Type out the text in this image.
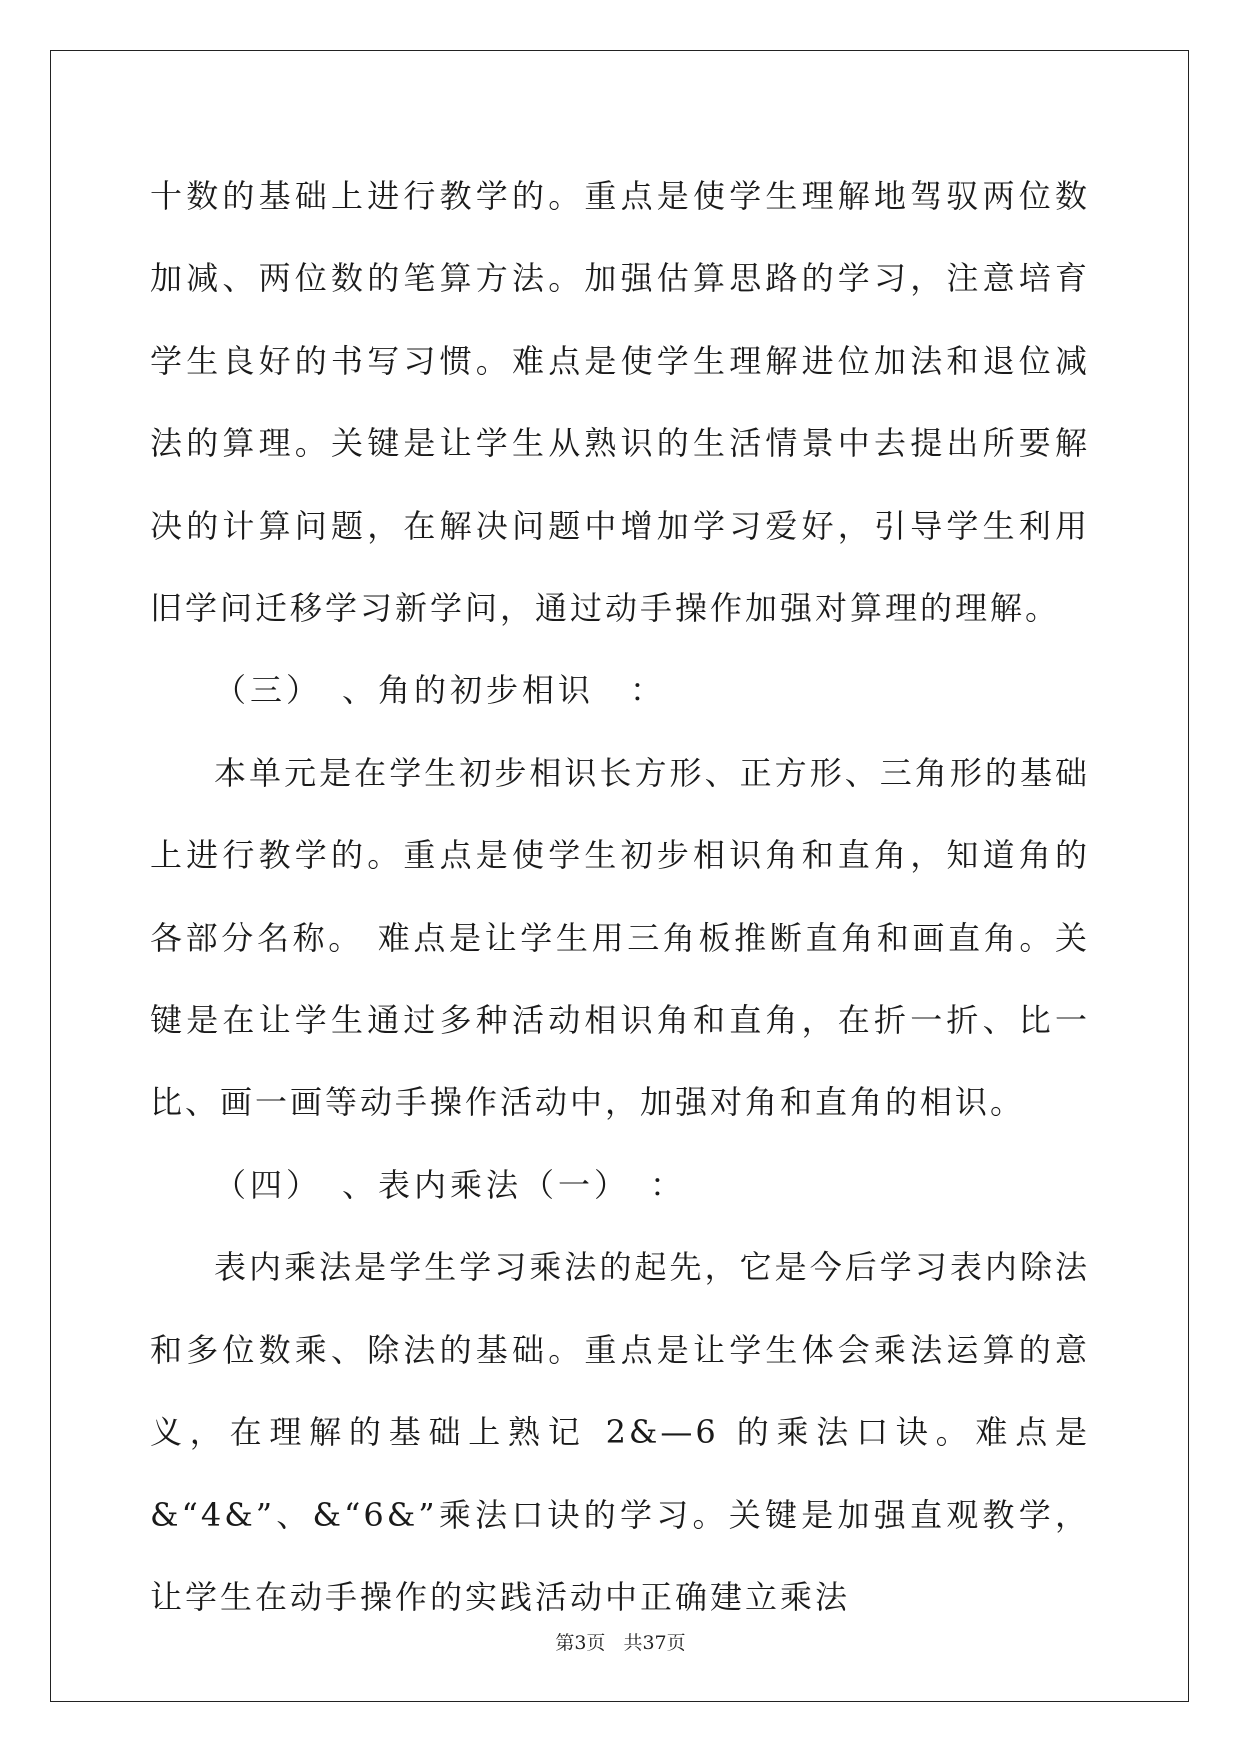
十数的基础上进行教学的。重点是使学生理解地驾驭两位数加减、两位数的笔算方法。加强估算思路的学习，注意培育学生良好的书写习惯。难点是使学生理解进位加法和退位减法的算理。关键是让学生从熟识的生活情景中去提出所要解决的计算问题，在解决问题中增加学习爱好，引导学生利用旧学问迁移学习新学问，通过动手操作加强对算理的理解。

（三）　、角的初步相识　：

本单元是在学生初步相识长方形、正方形、三角形的基础上进行教学的。重点是使学生初步相识角和直角，知道角的各部分名称。 难点是让学生用三角板推断直角和画直角。关键是在让学生通过多种活动相识角和直角，在折一折、比一比、画一画等动手操作活动中，加强对角和直角的相识。

（四）　、表内乘法（一）　：

表内乘法是学生学习乘法的起先，它是今后学习表内除法和多位数乘、除法的基础。重点是让学生体会乘法运算的意义，在理解的基础上熟记 2&—6 的乘法口诀。难点是&“4&”、&“6&”乘法口诀的学习。关键是加强直观教学，让学生在动手操作的实践活动中正确建立乘法

第3页 共37页
